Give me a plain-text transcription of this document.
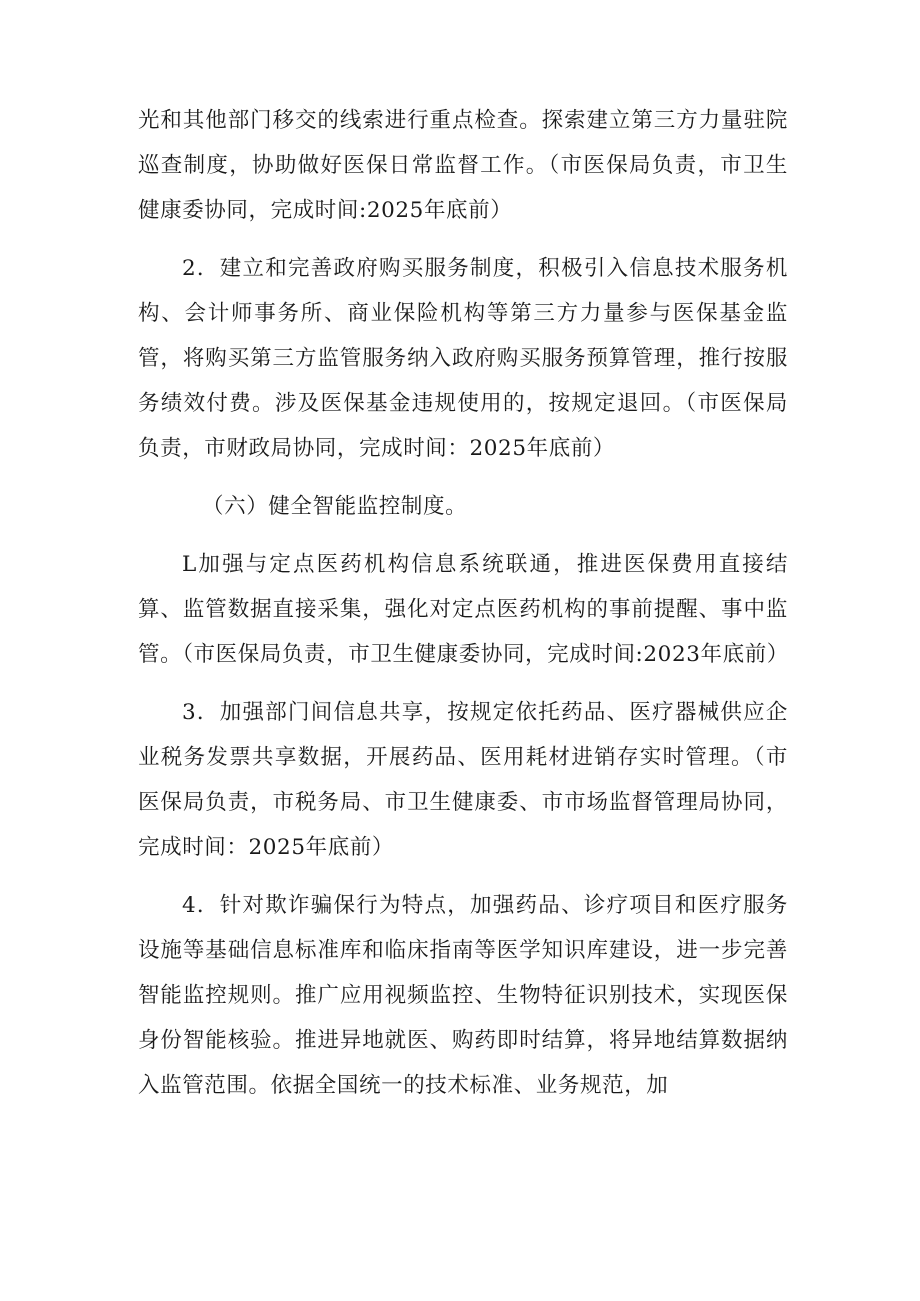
光和其他部门移交的线索进行重点检查。探索建立第三方力量驻院巡查制度，协助做好医保日常监督工作。（市医保局负责，市卫生健康委协同，完成时间:2025年底前）

2．建立和完善政府购买服务制度，积极引入信息技术服务机构、会计师事务所、商业保险机构等第三方力量参与医保基金监管，将购买第三方监管服务纳入政府购买服务预算管理，推行按服务绩效付费。涉及医保基金违规使用的，按规定退回。（市医保局负责，市财政局协同，完成时间：2025年底前）

（六）健全智能监控制度。

L加强与定点医药机构信息系统联通，推进医保费用直接结算、监管数据直接采集，强化对定点医药机构的事前提醒、事中监管。（市医保局负责，市卫生健康委协同，完成时间:2023年底前）

3．加强部门间信息共享，按规定依托药品、医疗器械供应企业税务发票共享数据，开展药品、医用耗材进销存实时管理。（市医保局负责，市税务局、市卫生健康委、市市场监督管理局协同，完成时间：2025年底前）

4．针对欺诈骗保行为特点，加强药品、诊疗项目和医疗服务设施等基础信息标准库和临床指南等医学知识库建设，进一步完善智能监控规则。推广应用视频监控、生物特征识别技术，实现医保身份智能核验。推进异地就医、购药即时结算，将异地结算数据纳入监管范围。依据全国统一的技术标准、业务规范，加
